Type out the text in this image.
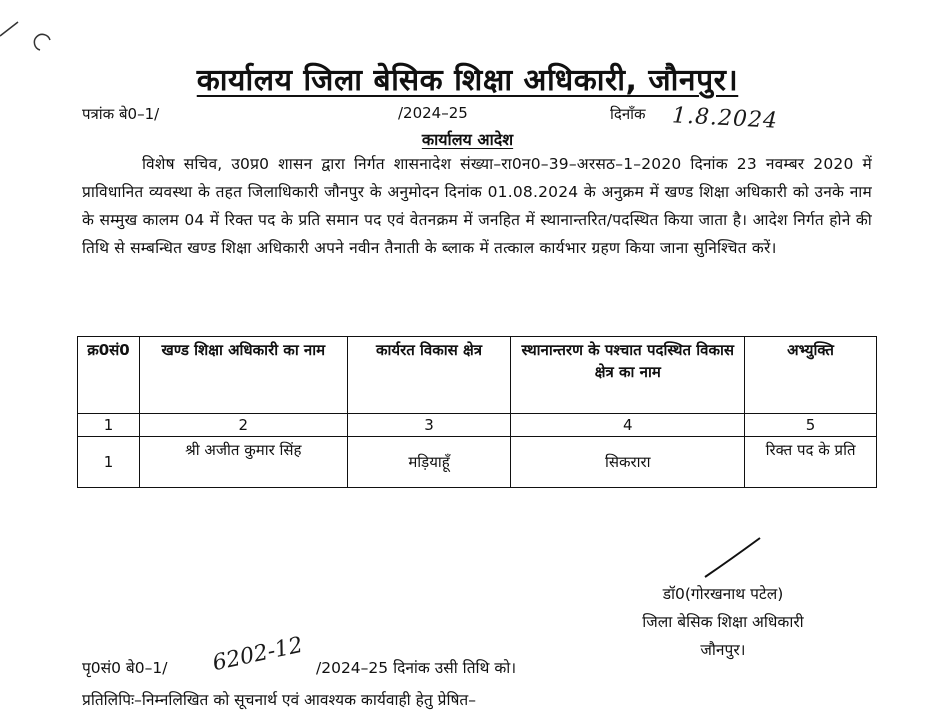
कार्यालय जिला बेसिक शिक्षा अधिकारी, जौनपुर।
पत्रांक बे0–1/	/2024–25	दिनाँक 1.8.2024
कार्यालय आदेश
विशेष सचिव, उ0प्र0 शासन द्वारा निर्गत शासनादेश संख्या–रा0न0–39–अरसठ–1–2020 दिनांक 23 नवम्बर 2020 में प्राविधानित व्यवस्था के तहत जिलाधिकारी जौनपुर के अनुमोदन दिनांक 01.08.2024 के अनुक्रम में खण्ड शिक्षा अधिकारी को उनके नाम के सम्मुख कालम 04 में रिक्त पद के प्रति समान पद एवं वेतनक्रम में जनहित में स्थानान्तरित/पदस्थित किया जाता है। आदेश निर्गत होने की तिथि से सम्बन्धित खण्ड शिक्षा अधिकारी अपने नवीन तैनाती के ब्लाक में तत्काल कार्यभार ग्रहण किया जाना सुनिश्चित करें।
क्र0सं0	खण्ड शिक्षा अधिकारी का नाम	कार्यरत विकास क्षेत्र	स्थानान्तरण के पश्चात पदस्थित विकास क्षेत्र का नाम	अभ्युक्ति
1	2	3	4	5
1	श्री अजीत कुमार सिंह	मड़ियाहूँ	सिकरारा	रिक्त पद के प्रति
डॉ0(गोरखनाथ पटेल)
जिला बेसिक शिक्षा अधिकारी
जौनपुर।
पृ0सं0 बे0–1/ 6202-12 /2024–25 दिनांक उसी तिथि को।
प्रतिलिपिः–निम्नलिखित को सूचनार्थ एवं आवश्यक कार्यवाही हेतु प्रेषित–
